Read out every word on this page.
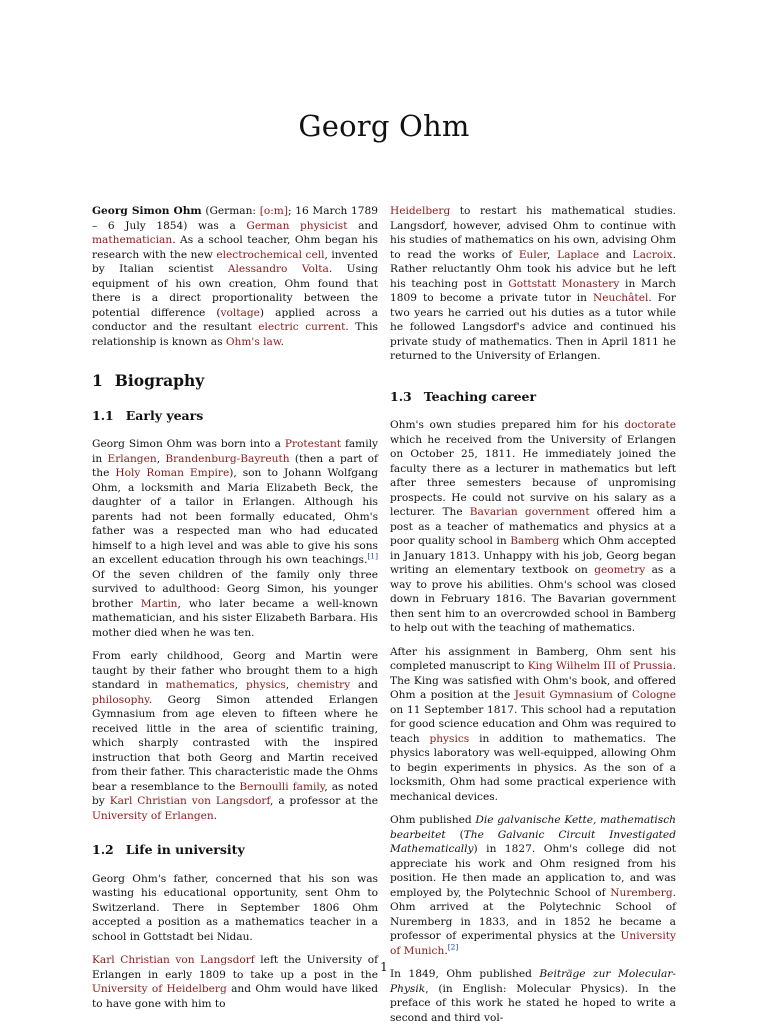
Georg Ohm

Georg Simon Ohm (German: [o:m]; 16 March 1789 – 6 July 1854) was a German physicist and mathematician. As a school teacher, Ohm began his research with the new electrochemical cell, invented by Italian scientist Alessandro Volta. Using equipment of his own creation, Ohm found that there is a direct proportionality between the potential difference (voltage) applied across a conductor and the resultant electric current. This relationship is known as Ohm's law.

1 Biography
1.1 Early years

Georg Simon Ohm was born into a Protestant family in Erlangen, Brandenburg-Bayreuth (then a part of the Holy Roman Empire), son to Johann Wolfgang Ohm, a locksmith and Maria Elizabeth Beck, the daughter of a tailor in Erlangen. Although his parents had not been formally educated, Ohm's father was a respected man who had educated himself to a high level and was able to give his sons an excellent education through his own teachings.[1] Of the seven children of the family only three survived to adulthood: Georg Simon, his younger brother Martin, who later became a well-known mathematician, and his sister Elizabeth Barbara. His mother died when he was ten.

From early childhood, Georg and Martin were taught by their father who brought them to a high standard in mathematics, physics, chemistry and philosophy. Georg Simon attended Erlangen Gymnasium from age eleven to fifteen where he received little in the area of scientific training, which sharply contrasted with the inspired instruction that both Georg and Martin received from their father. This characteristic made the Ohms bear a resemblance to the Bernoulli family, as noted by Karl Christian von Langsdorf, a professor at the University of Erlangen.

1.2 Life in university

Georg Ohm's father, concerned that his son was wasting his educational opportunity, sent Ohm to Switzerland. There in September 1806 Ohm accepted a position as a mathematics teacher in a school in Gottstadt bei Nidau.

Karl Christian von Langsdorf left the University of Erlangen in early 1809 to take up a post in the University of Heidelberg and Ohm would have liked to have gone with him to

Heidelberg to restart his mathematical studies. Langsdorf, however, advised Ohm to continue with his studies of mathematics on his own, advising Ohm to read the works of Euler, Laplace and Lacroix. Rather reluctantly Ohm took his advice but he left his teaching post in Gottstatt Monastery in March 1809 to become a private tutor in Neuchâtel. For two years he carried out his duties as a tutor while he followed Langsdorf's advice and continued his private study of mathematics. Then in April 1811 he returned to the University of Erlangen.

1.3 Teaching career

Ohm's own studies prepared him for his doctorate which he received from the University of Erlangen on October 25, 1811. He immediately joined the faculty there as a lecturer in mathematics but left after three semesters because of unpromising prospects. He could not survive on his salary as a lecturer. The Bavarian government offered him a post as a teacher of mathematics and physics at a poor quality school in Bamberg which Ohm accepted in January 1813. Unhappy with his job, Georg began writing an elementary textbook on geometry as a way to prove his abilities. Ohm's school was closed down in February 1816. The Bavarian government then sent him to an overcrowded school in Bamberg to help out with the teaching of mathematics.

After his assignment in Bamberg, Ohm sent his completed manuscript to King Wilhelm III of Prussia. The King was satisfied with Ohm's book, and offered Ohm a position at the Jesuit Gymnasium of Cologne on 11 September 1817. This school had a reputation for good science education and Ohm was required to teach physics in addition to mathematics. The physics laboratory was well-equipped, allowing Ohm to begin experiments in physics. As the son of a locksmith, Ohm had some practical experience with mechanical devices.

Ohm published Die galvanische Kette, mathematisch bearbeitet (The Galvanic Circuit Investigated Mathematically) in 1827. Ohm's college did not appreciate his work and Ohm resigned from his position. He then made an application to, and was employed by, the Polytechnic School of Nuremberg. Ohm arrived at the Polytechnic School of Nuremberg in 1833, and in 1852 he became a professor of experimental physics at the University of Munich.[2]

In 1849, Ohm published Beiträge zur Molecular-Physik, (in English: Molecular Physics). In the preface of this work he stated he hoped to write a second and third vol-

1
